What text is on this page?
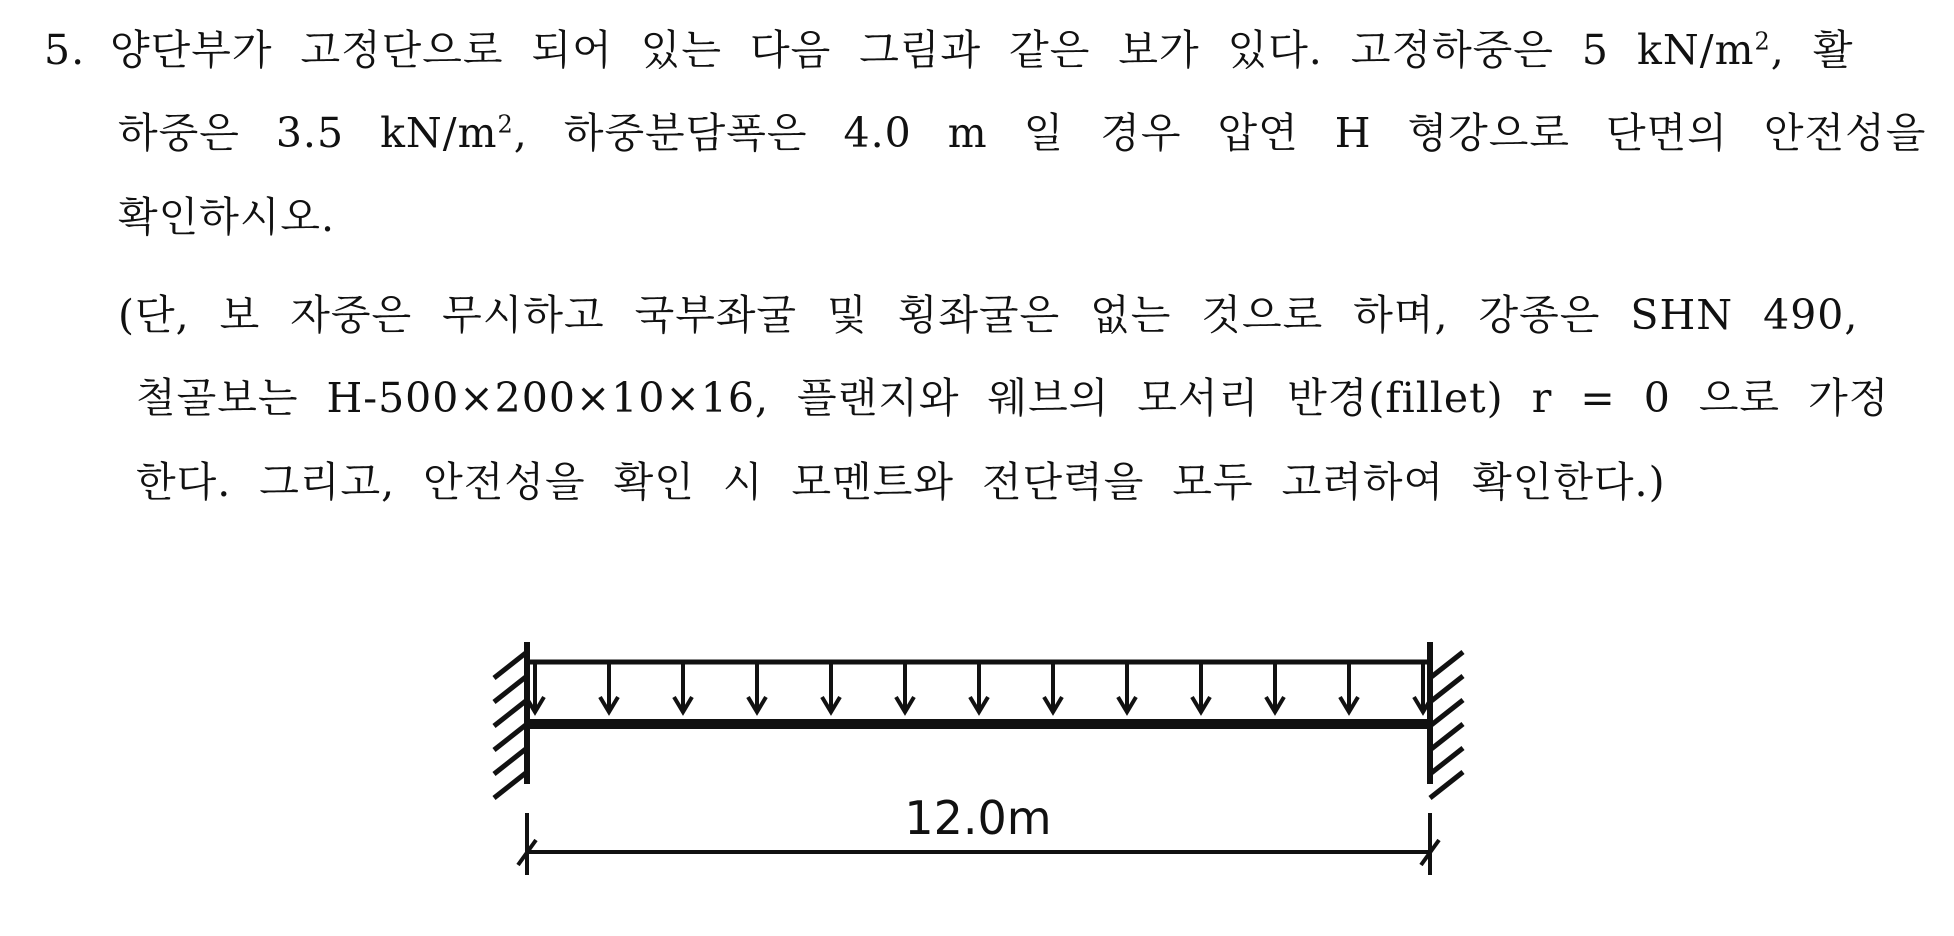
5. 양단부가 고정단으로 되어 있는 다음 그림과 같은 보가 있다. 고정하중은 5 $kN/m^2$, 활
하중은 3.5 $kN/m^2$, 하중분담폭은 4.0 m 일 경우 압연 H 형강으로 단면의 안전성을
확인하시오.
(단, 보 자중은 무시하고 국부좌굴 및 횡좌굴은 없는 것으로 하며, 강종은 SHN 490,
철골보는 H-500×200×10×16, 플랜지와 웨브의 모서리 반경(fillet) r = 0 으로 가정
한다. 그리고, 안전성을 확인 시 모멘트와 전단력을 모두 고려하여 확인한다.)
12.0m
